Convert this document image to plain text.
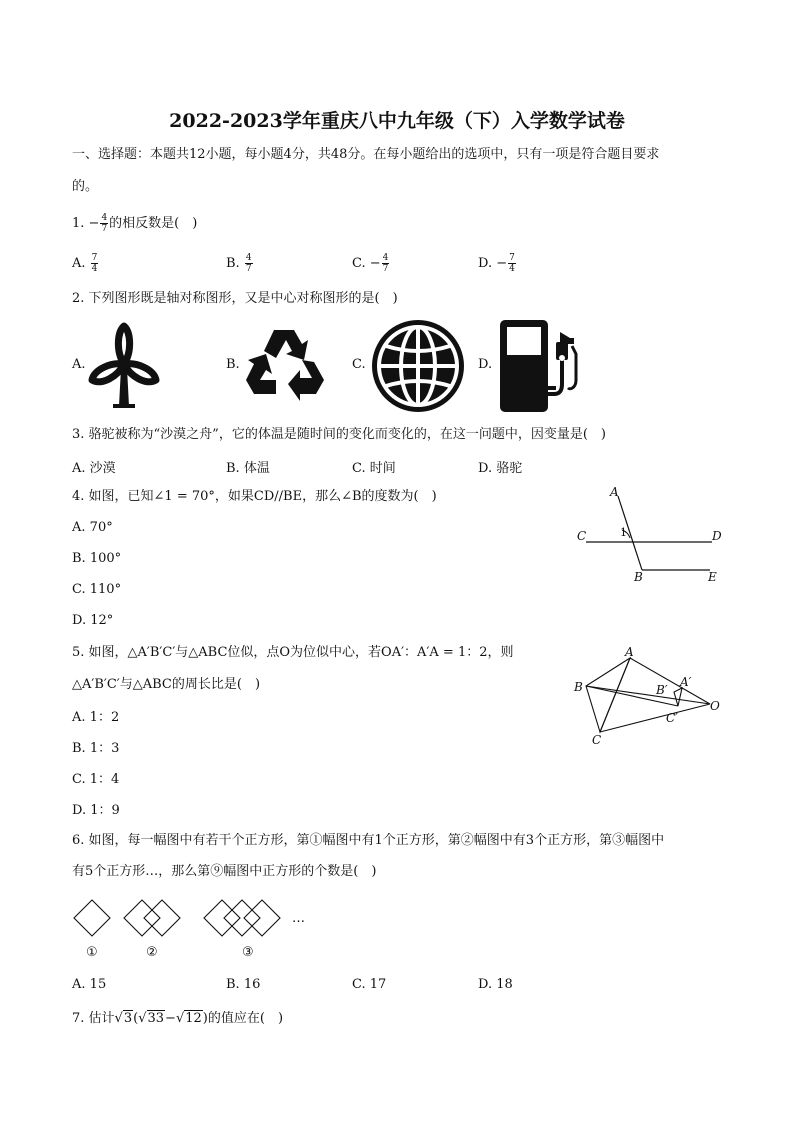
2022-2023学年重庆八中九年级（下）入学数学试卷
一、选择题：本题共12小题，每小题4分，共48分。在每小题给出的选项中，只有一项是符合题目要求
的。
1. − $\frac{4}{7}$ 的相反数是(　)
A. $\frac{7}{4}$	B. $\frac{4}{7}$	C. − $\frac{4}{7}$	D. − $\frac{7}{4}$
2. 下列图形既是轴对称图形，又是中心对称图形的是(　)
A.	B.	C.	D.
3. 骆驼被称为“沙漠之舟”，它的体温是随时间的变化而变化的，在这一问题中，因变量是(　)
A. 沙漠	B. 体温	C. 时间	D. 骆驼
4. 如图，已知∠1 = 70°，如果CD//BE，那么∠B的度数为(　)
A. 70°
B. 100°
C. 110°
D. 12°
A
C	D
B	E
1
5. 如图，△A′B′C′与△ABC位似，点O为位似中心，若OA′：A′A = 1：2，则
△A′B′C′与△ABC的周长比是(　)
A. 1：2
B. 1：3
C. 1：4
D. 1：9
A
B
C
A′
B′
C′
O
6. 如图，每一幅图中有若干个正方形，第①幅图中有1个正方形，第②幅图中有3个正方形，第③幅图中
有5个正方形…，那么第⑨幅图中正方形的个数是(　)
…
①	②	③
A. 15	B. 16	C. 17	D. 18
7. 估计√3(√33−√12)的值应在(　)
